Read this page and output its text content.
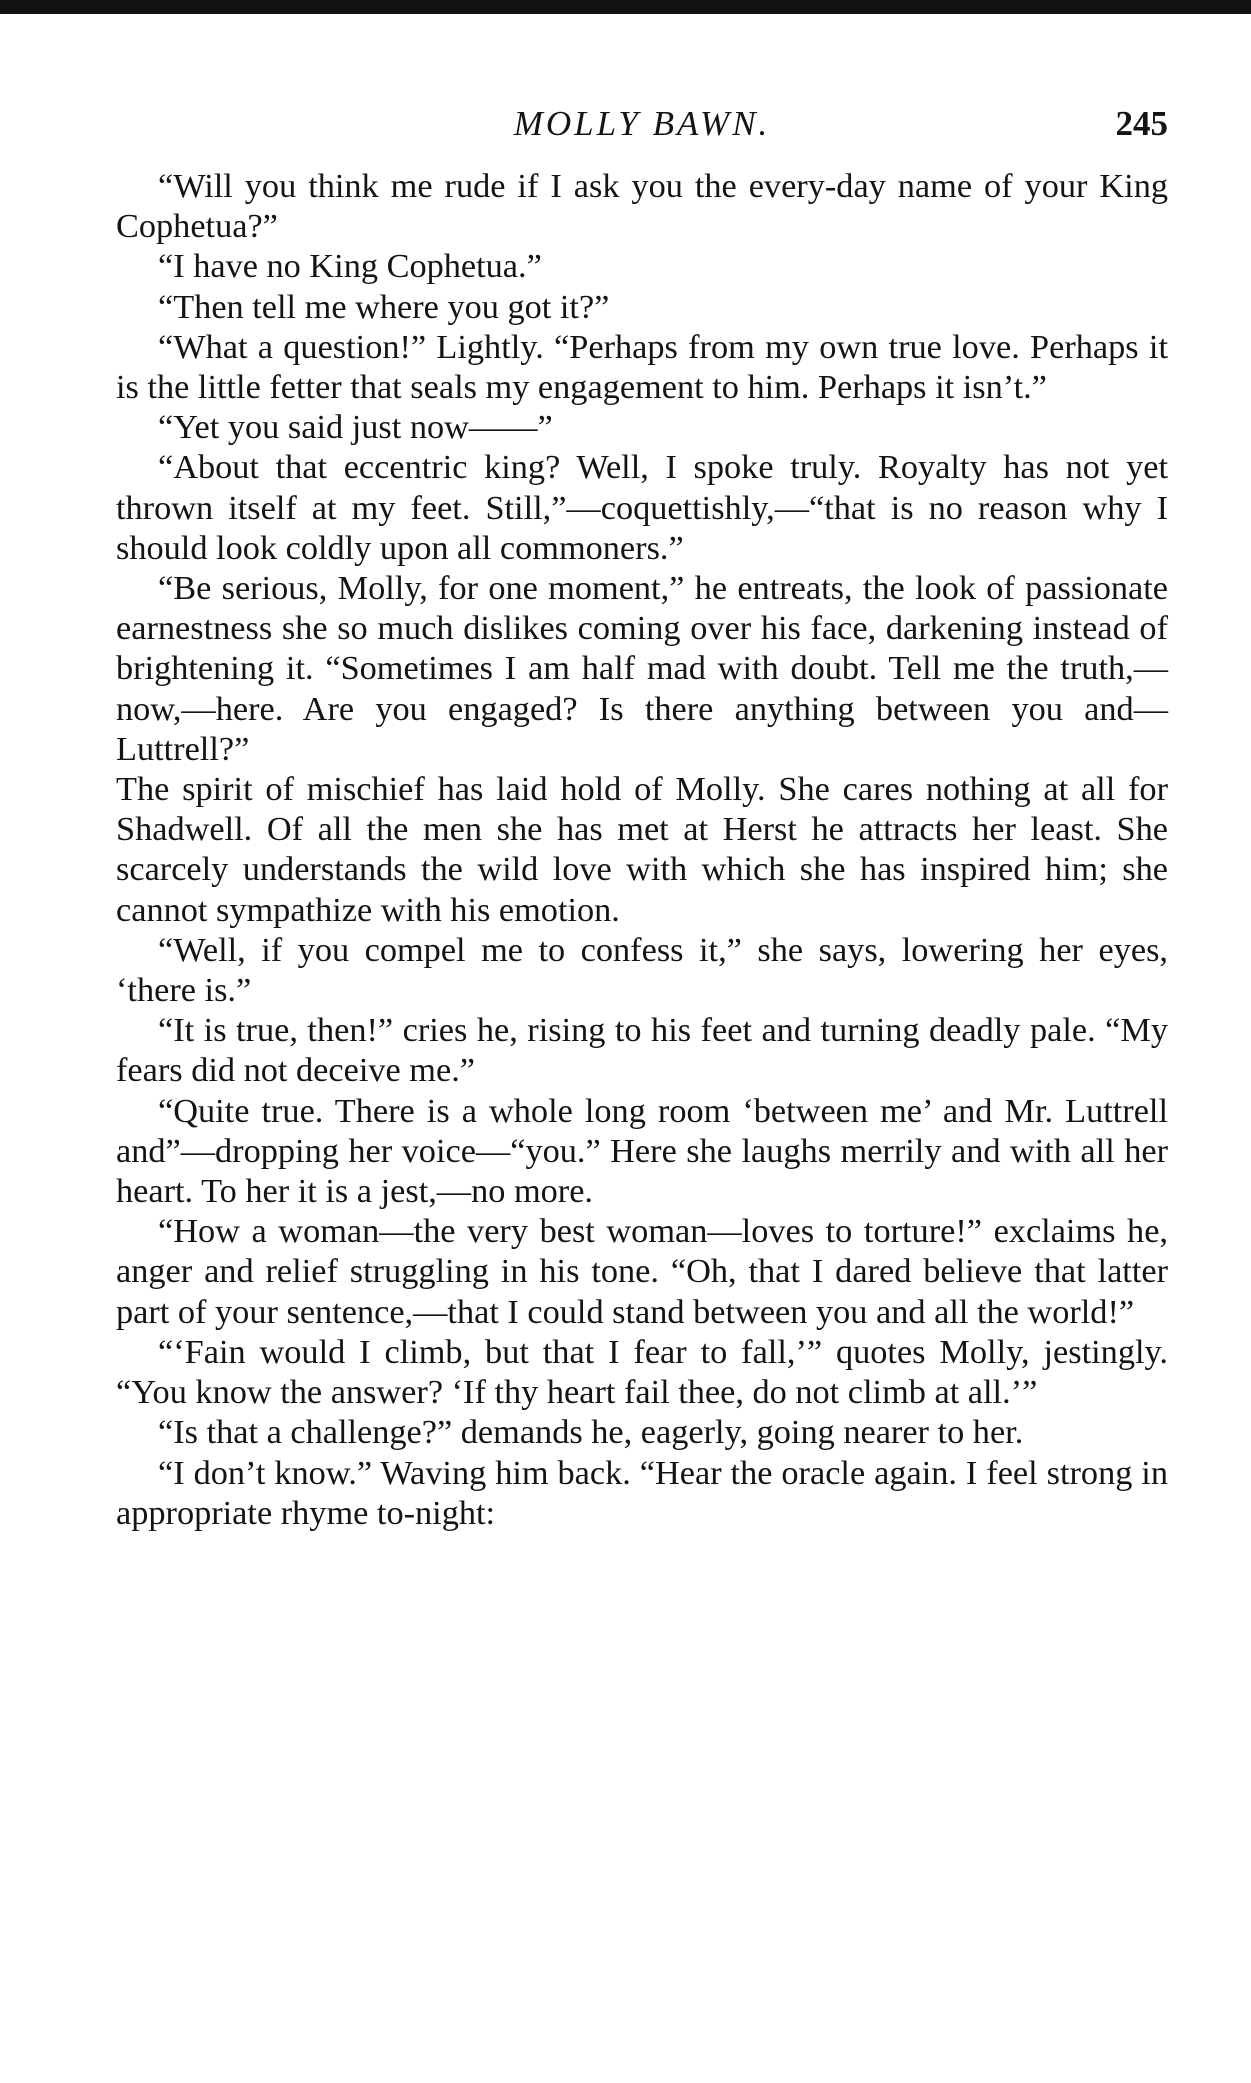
MOLLY BAWN.	245

“Will you think me rude if I ask you the every-day name of your King Cophetua?”

“I have no King Cophetua.”

“Then tell me where you got it?”

“What a question!” Lightly. “Perhaps from my own true love. Perhaps it is the little fetter that seals my engagement to him. Perhaps it isn’t.”

“Yet you said just now——”

“About that eccentric king? Well, I spoke truly. Royalty has not yet thrown itself at my feet. Still,”—coquettishly,—“that is no reason why I should look coldly upon all commoners.”

“Be serious, Molly, for one moment,” he entreats, the look of passionate earnestness she so much dislikes coming over his face, darkening instead of brightening it. “Sometimes I am half mad with doubt. Tell me the truth,—now,—here. Are you engaged? Is there anything between you and—Luttrell?”

The spirit of mischief has laid hold of Molly. She cares nothing at all for Shadwell. Of all the men she has met at Herst he attracts her least. She scarcely understands the wild love with which she has inspired him; she cannot sympathize with his emotion.

“Well, if you compel me to confess it,” she says, lowering her eyes, ‘there is.”

“It is true, then!” cries he, rising to his feet and turning deadly pale. “My fears did not deceive me.”

“Quite true. There is a whole long room ‘between me’ and Mr. Luttrell and”—dropping her voice—“you.” Here she laughs merrily and with all her heart. To her it is a jest,—no more.

“How a woman—the very best woman—loves to torture!” exclaims he, anger and relief struggling in his tone. “Oh, that I dared believe that latter part of your sentence,—that I could stand between you and all the world!”

“‘Fain would I climb, but that I fear to fall,’” quotes Molly, jestingly. “You know the answer? ‘If thy heart fail thee, do not climb at all.’”

“Is that a challenge?” demands he, eagerly, going nearer to her.

“I don’t know.” Waving him back. “Hear the oracle again. I feel strong in appropriate rhyme to-night:
